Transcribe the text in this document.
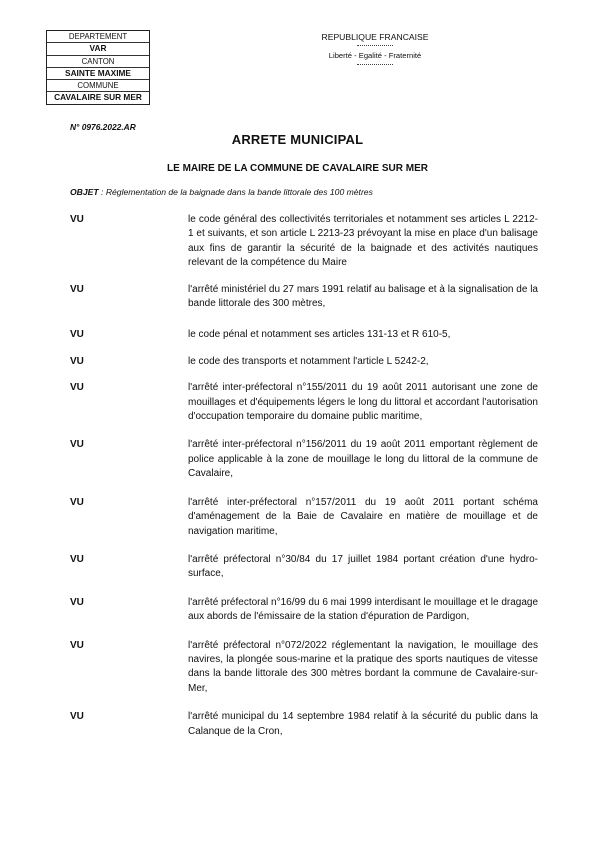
DEPARTEMENT
VAR
CANTON
SAINTE MAXIME
COMMUNE
CAVALAIRE SUR MER
REPUBLIQUE FRANCAISE
Liberté - Egalité - Fraternité
N° 0976.2022.AR
ARRETE MUNICIPAL
LE MAIRE DE LA COMMUNE DE CAVALAIRE SUR MER
OBJET : Réglementation de la baignade dans la bande littorale des 100 mètres
VU	le code général des collectivités territoriales et notamment ses articles L 2212-1 et suivants, et son article L 2213-23 prévoyant la mise en place d'un balisage aux fins de garantir la sécurité de la baignade et des activités nautiques relevant de la compétence du Maire
VU	l'arrêté ministériel du 27 mars 1991 relatif au balisage et à la signalisation de la bande littorale des 300 mètres,
VU	le code pénal et notamment ses articles 131-13 et R 610-5,
VU	le code des transports et notamment l'article L 5242-2,
VU	l'arrêté inter-préfectoral n°155/2011 du 19 août 2011 autorisant une zone de mouillages et d'équipements légers le long du littoral et accordant l'autorisation d'occupation temporaire du domaine public maritime,
VU	l'arrêté inter-préfectoral n°156/2011 du 19 août 2011 emportant règlement de police applicable à la zone de mouillage le long du littoral de la commune de Cavalaire,
VU	l'arrêté inter-préfectoral n°157/2011 du 19 août 2011 portant schéma d'aménagement de la Baie de Cavalaire en matière de mouillage et de navigation maritime,
VU	l'arrêté préfectoral n°30/84 du 17 juillet 1984 portant création d'une hydro-surface,
VU	l'arrêté préfectoral n°16/99 du 6 mai 1999 interdisant le mouillage et le dragage aux abords de l'émissaire de la station d'épuration de Pardigon,
VU	l'arrêté préfectoral n°072/2022 réglementant la navigation, le mouillage des navires, la plongée sous-marine et la pratique des sports nautiques de vitesse dans la bande littorale des 300 mètres bordant la commune de Cavalaire-sur-Mer,
VU	l'arrêté municipal du 14 septembre 1984 relatif à la sécurité du public dans la Calanque de la Cron,
